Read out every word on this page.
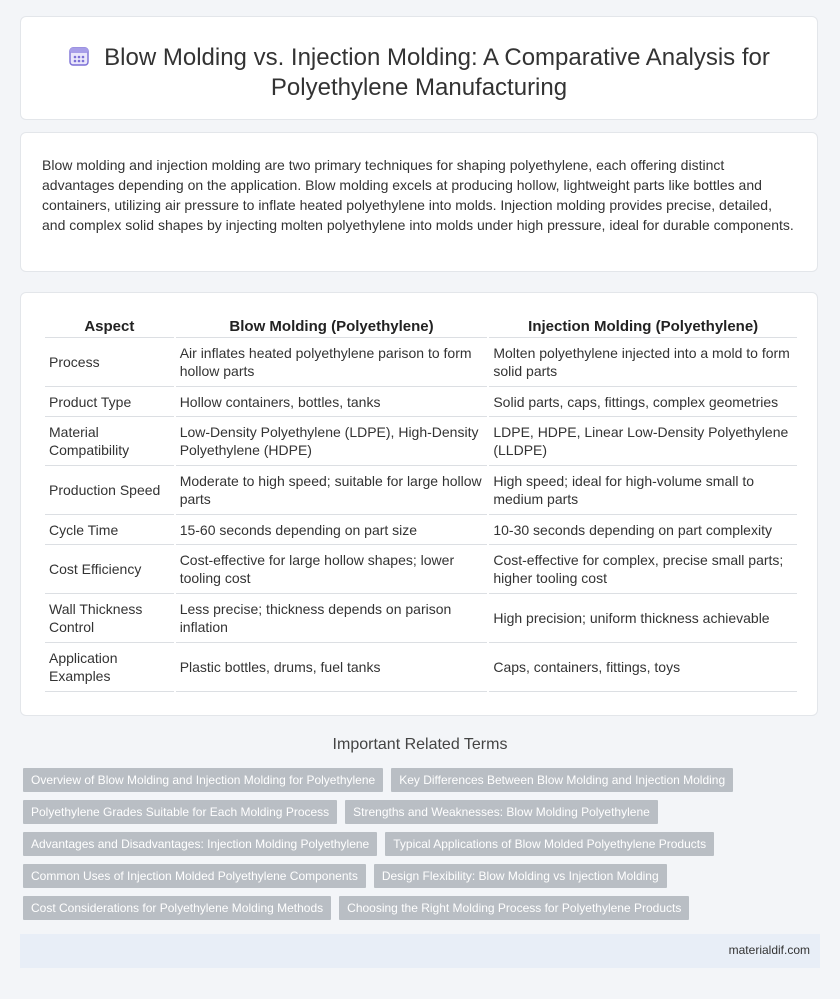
Blow Molding vs. Injection Molding: A Comparative Analysis for
Polyethylene Manufacturing
Blow molding and injection molding are two primary techniques for shaping polyethylene, each offering distinct advantages depending on the application. Blow molding excels at producing hollow, lightweight parts like bottles and containers, utilizing air pressure to inflate heated polyethylene into molds. Injection molding provides precise, detailed, and complex solid shapes by injecting molten polyethylene into molds under high pressure, ideal for durable components.
Aspect	Blow Molding (Polyethylene)	Injection Molding (Polyethylene)
Process	Air inflates heated polyethylene parison to form hollow parts	Molten polyethylene injected into a mold to form solid parts
Product Type	Hollow containers, bottles, tanks	Solid parts, caps, fittings, complex geometries
Material Compatibility	Low-Density Polyethylene (LDPE), High-Density Polyethylene (HDPE)	LDPE, HDPE, Linear Low-Density Polyethylene (LLDPE)
Production Speed	Moderate to high speed; suitable for large hollow parts	High speed; ideal for high-volume small to medium parts
Cycle Time	15-60 seconds depending on part size	10-30 seconds depending on part complexity
Cost Efficiency	Cost-effective for large hollow shapes; lower tooling cost	Cost-effective for complex, precise small parts; higher tooling cost
Wall Thickness Control	Less precise; thickness depends on parison inflation	High precision; uniform thickness achievable
Application Examples	Plastic bottles, drums, fuel tanks	Caps, containers, fittings, toys
Important Related Terms
Overview of Blow Molding and Injection Molding for Polyethylene	Key Differences Between Blow Molding and Injection Molding
Polyethylene Grades Suitable for Each Molding Process	Strengths and Weaknesses: Blow Molding Polyethylene
Advantages and Disadvantages: Injection Molding Polyethylene	Typical Applications of Blow Molded Polyethylene Products
Common Uses of Injection Molded Polyethylene Components	Design Flexibility: Blow Molding vs Injection Molding
Cost Considerations for Polyethylene Molding Methods	Choosing the Right Molding Process for Polyethylene Products
materialdif.com
